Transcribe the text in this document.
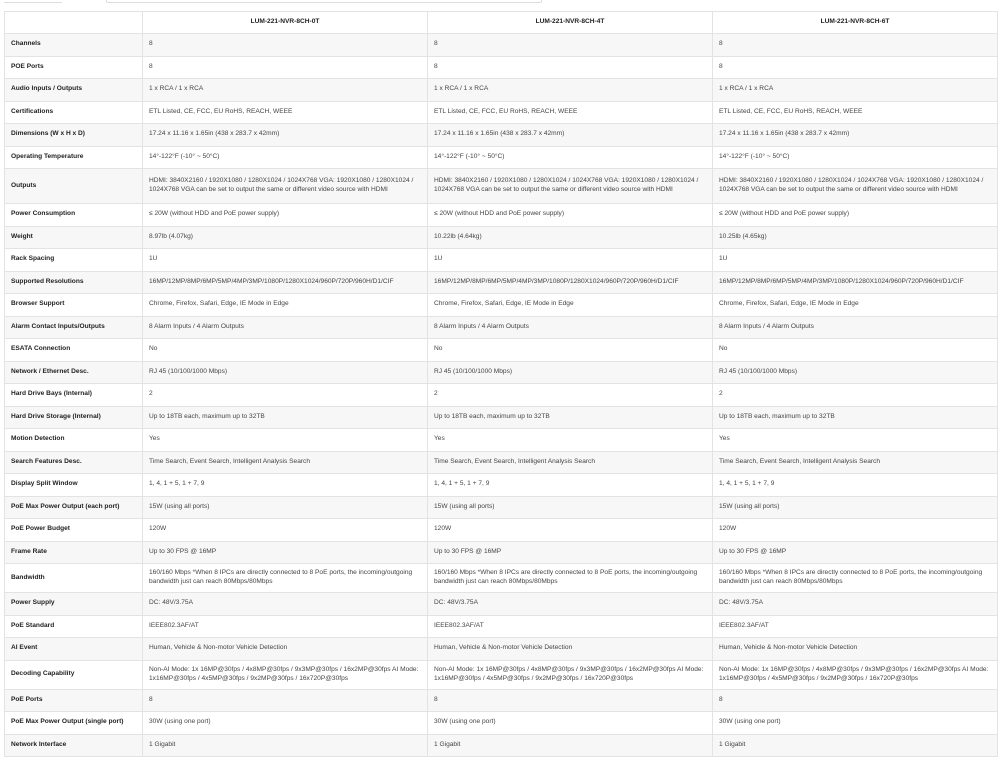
	LUM-221-NVR-8CH-0T	LUM-221-NVR-8CH-4T	LUM-221-NVR-8CH-6T
Channels	8	8	8
POE Ports	8	8	8
Audio Inputs / Outputs	1 x RCA / 1 x RCA	1 x RCA / 1 x RCA	1 x RCA / 1 x RCA
Certifications	ETL Listed, CE, FCC, EU RoHS, REACH, WEEE	ETL Listed, CE, FCC, EU RoHS, REACH, WEEE	ETL Listed, CE, FCC, EU RoHS, REACH, WEEE
Dimensions (W x H x D)	17.24 x 11.16 x 1.65in (438 x 283.7 x 42mm)	17.24 x 11.16 x 1.65in (438 x 283.7 x 42mm)	17.24 x 11.16 x 1.65in (438 x 283.7 x 42mm)
Operating Temperature	14°-122°F (-10° ~ 50°C)	14°-122°F (-10° ~ 50°C)	14°-122°F (-10° ~ 50°C)
Outputs	HDMI: 3840X2160 / 1920X1080 / 1280X1024 / 1024X768 VGA: 1920X1080 / 1280X1024 / 1024X768 VGA can be set to output the same or different video source with HDMI	HDMI: 3840X2160 / 1920X1080 / 1280X1024 / 1024X768 VGA: 1920X1080 / 1280X1024 / 1024X768 VGA can be set to output the same or different video source with HDMI	HDMI: 3840X2160 / 1920X1080 / 1280X1024 / 1024X768 VGA: 1920X1080 / 1280X1024 / 1024X768 VGA can be set to output the same or different video source with HDMI
Power Consumption	≤ 20W (without HDD and PoE power supply)	≤ 20W (without HDD and PoE power supply)	≤ 20W (without HDD and PoE power supply)
Weight	8.97lb (4.07kg)	10.22lb (4.64kg)	10.25lb (4.65kg)
Rack Spacing	1U	1U	1U
Supported Resolutions	16MP/12MP/8MP/6MP/5MP/4MP/3MP/1080P/1280X1024/960P/720P/960H/D1/CIF	16MP/12MP/8MP/6MP/5MP/4MP/3MP/1080P/1280X1024/960P/720P/960H/D1/CIF	16MP/12MP/8MP/6MP/5MP/4MP/3MP/1080P/1280X1024/960P/720P/960H/D1/CIF
Browser Support	Chrome, Firefox, Safari, Edge, IE Mode in Edge	Chrome, Firefox, Safari, Edge, IE Mode in Edge	Chrome, Firefox, Safari, Edge, IE Mode in Edge
Alarm Contact Inputs/Outputs	8 Alarm Inputs / 4 Alarm Outputs	8 Alarm Inputs / 4 Alarm Outputs	8 Alarm Inputs / 4 Alarm Outputs
ESATA Connection	No	No	No
Network / Ethernet Desc.	RJ 45 (10/100/1000 Mbps)	RJ 45 (10/100/1000 Mbps)	RJ 45 (10/100/1000 Mbps)
Hard Drive Bays (Internal)	2	2	2
Hard Drive Storage (Internal)	Up to 18TB each, maximum up to 32TB	Up to 18TB each, maximum up to 32TB	Up to 18TB each, maximum up to 32TB
Motion Detection	Yes	Yes	Yes
Search Features Desc.	Time Search, Event Search, Intelligent Analysis Search	Time Search, Event Search, Intelligent Analysis Search	Time Search, Event Search, Intelligent Analysis Search
Display Split Window	1, 4, 1 + 5, 1 + 7, 9	1, 4, 1 + 5, 1 + 7, 9	1, 4, 1 + 5, 1 + 7, 9
PoE Max Power Output (each port)	15W (using all ports)	15W (using all ports)	15W (using all ports)
PoE Power Budget	120W	120W	120W
Frame Rate	Up to 30 FPS @ 16MP	Up to 30 FPS @ 16MP	Up to 30 FPS @ 16MP
Bandwidth	160/160 Mbps *When 8 IPCs are directly connected to 8 PoE ports, the incoming/outgoing bandwidth just can reach 80Mbps/80Mbps	160/160 Mbps *When 8 IPCs are directly connected to 8 PoE ports, the incoming/outgoing bandwidth just can reach 80Mbps/80Mbps	160/160 Mbps *When 8 IPCs are directly connected to 8 PoE ports, the incoming/outgoing bandwidth just can reach 80Mbps/80Mbps
Power Supply	DC: 48V/3.75A	DC: 48V/3.75A	DC: 48V/3.75A
PoE Standard	IEEE802.3AF/AT	IEEE802.3AF/AT	IEEE802.3AF/AT
AI Event	Human, Vehicle & Non-motor Vehicle Detection	Human, Vehicle & Non-motor Vehicle Detection	Human, Vehicle & Non-motor Vehicle Detection
Decoding Capability	Non-AI Mode: 1x 16MP@30fps / 4x8MP@30fps / 9x3MP@30fps / 16x2MP@30fps AI Mode: 1x16MP@30fps / 4x5MP@30fps / 9x2MP@30fps / 16x720P@30fps	Non-AI Mode: 1x 16MP@30fps / 4x8MP@30fps / 9x3MP@30fps / 16x2MP@30fps AI Mode: 1x16MP@30fps / 4x5MP@30fps / 9x2MP@30fps / 16x720P@30fps	Non-AI Mode: 1x 16MP@30fps / 4x8MP@30fps / 9x3MP@30fps / 16x2MP@30fps AI Mode: 1x16MP@30fps / 4x5MP@30fps / 9x2MP@30fps / 16x720P@30fps
PoE Ports	8	8	8
PoE Max Power Output (single port)	30W (using one port)	30W (using one port)	30W (using one port)
Network Interface	1 Gigabit	1 Gigabit	1 Gigabit
